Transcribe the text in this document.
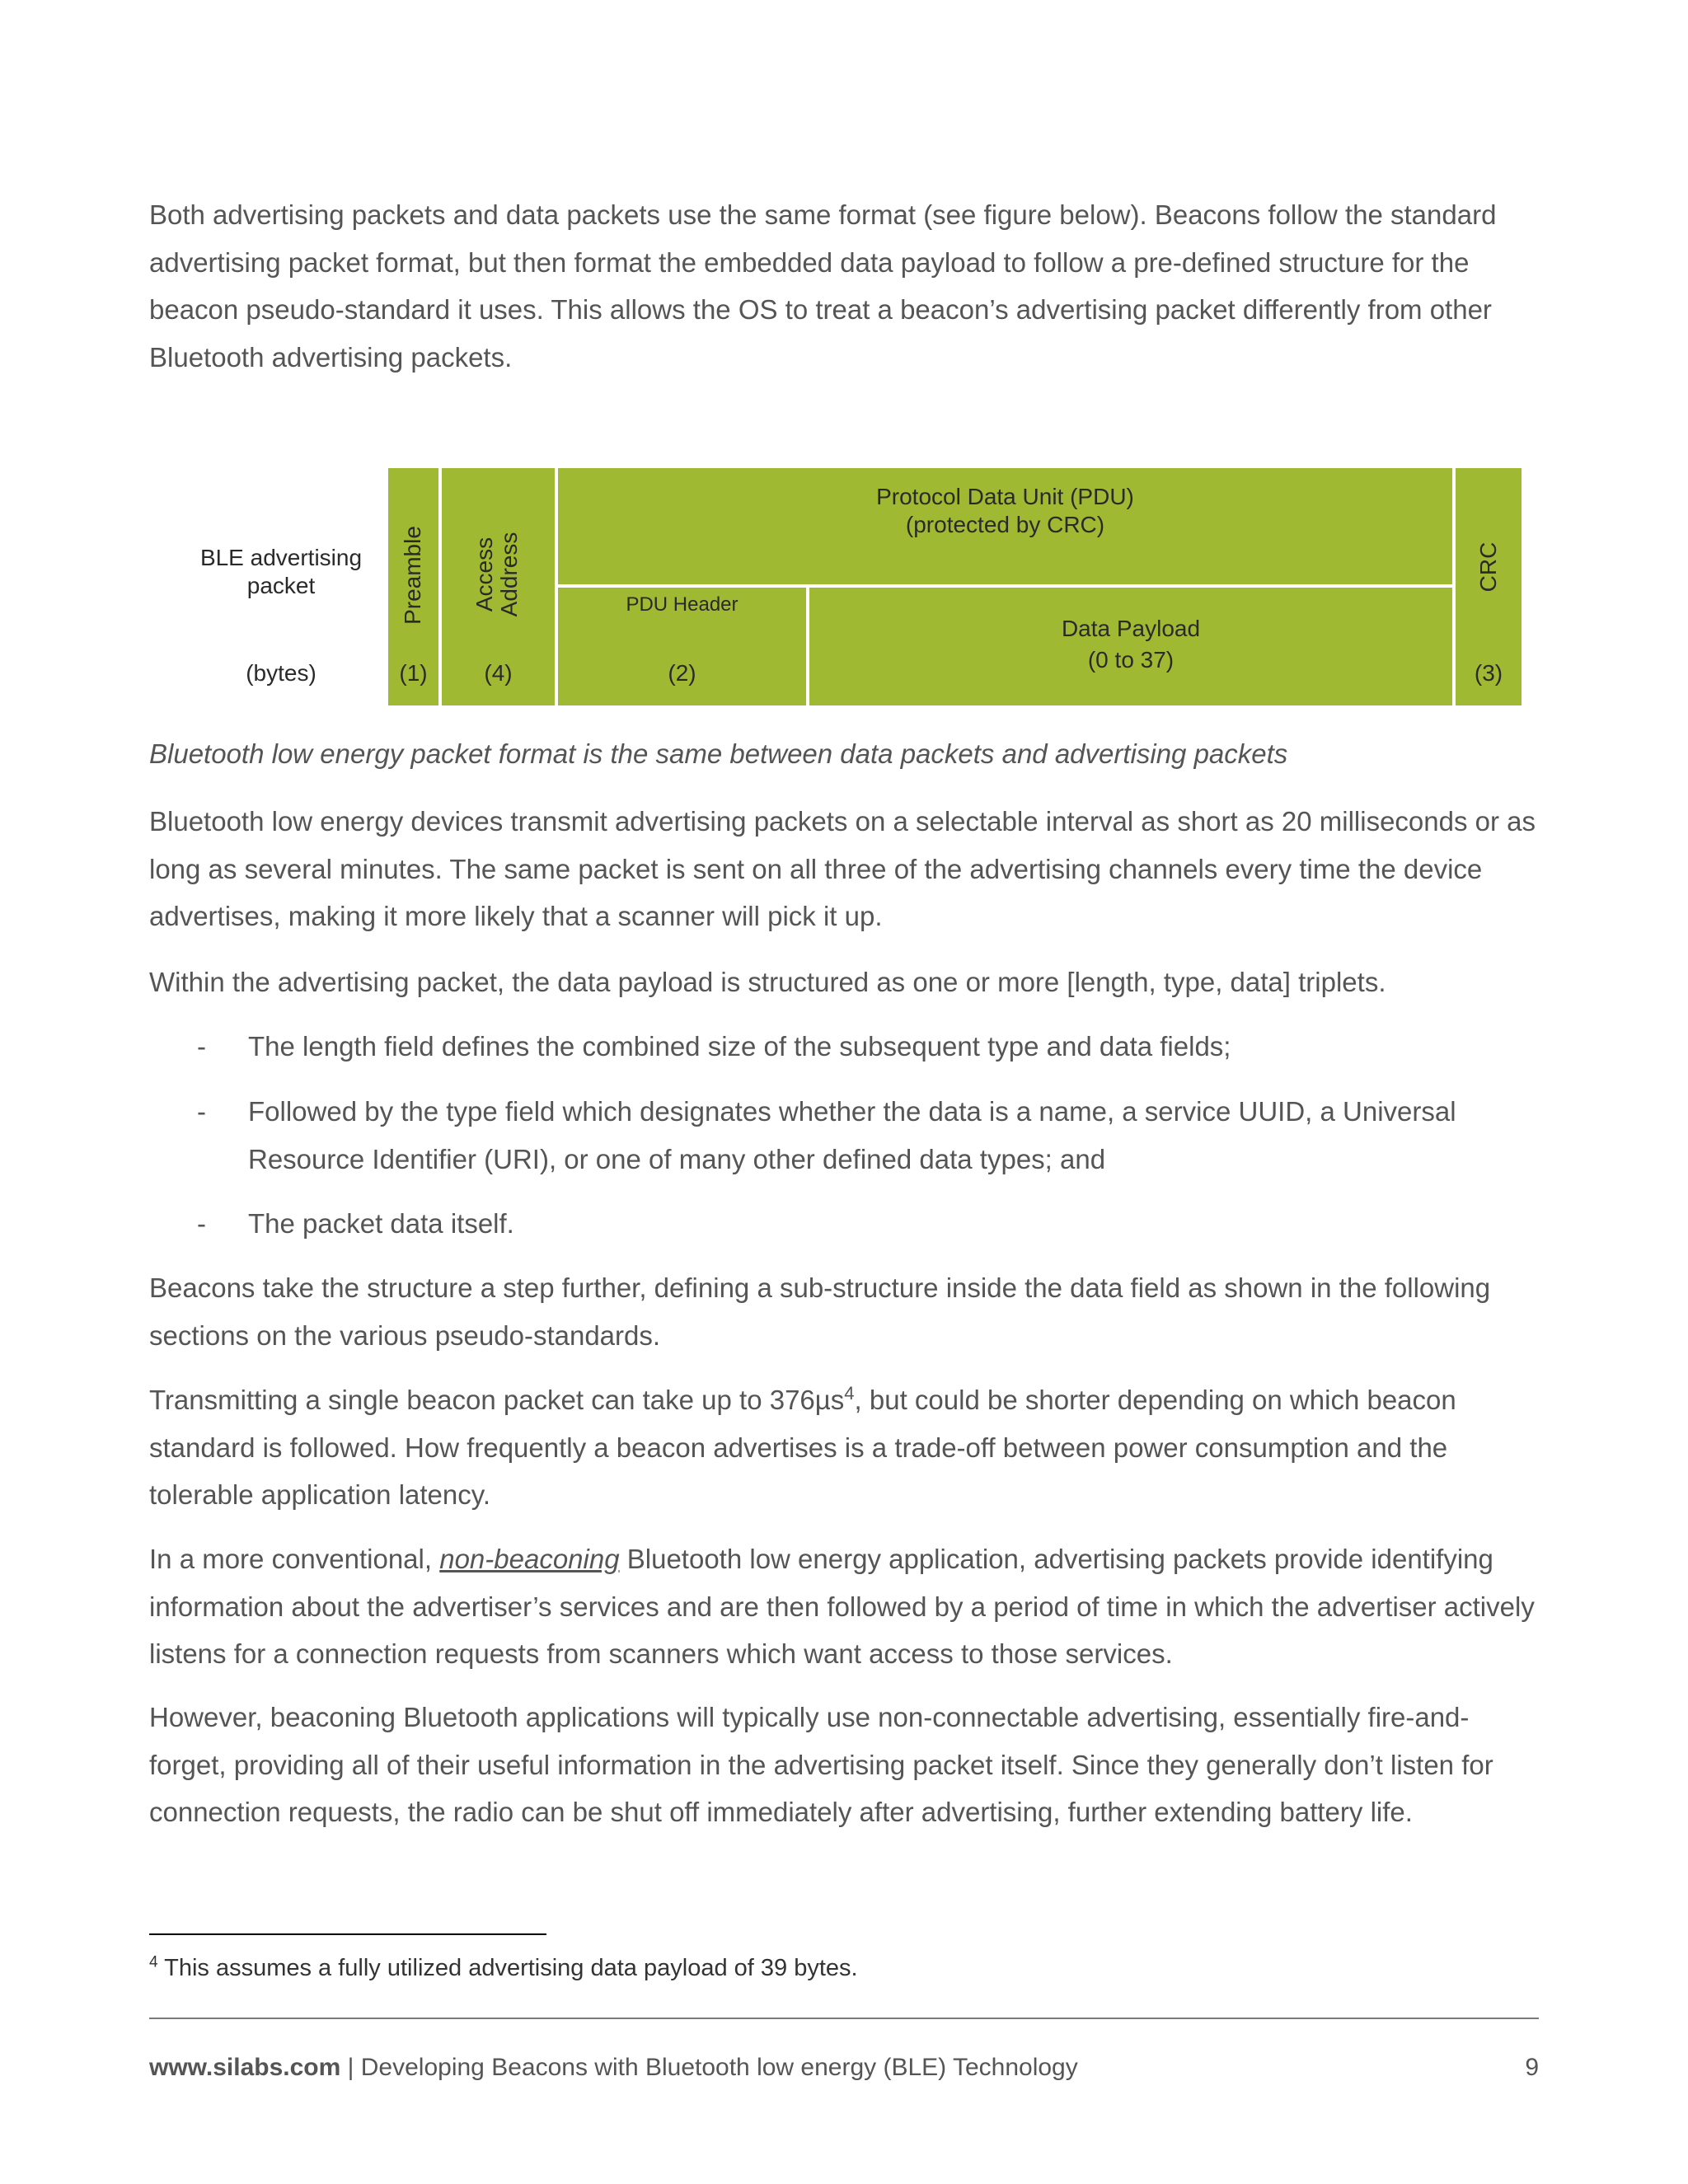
Both advertising packets and data packets use the same format (see figure below). Beacons follow the standard advertising packet format, but then format the embedded data payload to follow a pre-defined structure for the beacon pseudo-standard it uses. This allows the OS to treat a beacon’s advertising packet differently from other Bluetooth advertising packets.

BLE advertising
packet
(bytes)
Preamble
(1)
Access Address
(4)
Protocol Data Unit (PDU)
(protected by CRC)
PDU Header
(2)
Data Payload
(0 to 37)
CRC
(3)
Bluetooth low energy packet format is the same between data packets and advertising packets

Bluetooth low energy devices transmit advertising packets on a selectable interval as short as 20 milliseconds or as long as several minutes. The same packet is sent on all three of the advertising channels every time the device advertises, making it more likely that a scanner will pick it up.

Within the advertising packet, the data payload is structured as one or more [length, type, data] triplets.

- The length field defines the combined size of the subsequent type and data fields;
- Followed by the type field which designates whether the data is a name, a service UUID, a Universal Resource Identifier (URI), or one of many other defined data types; and
- The packet data itself.

Beacons take the structure a step further, defining a sub-structure inside the data field as shown in the following sections on the various pseudo-standards.

Transmitting a single beacon packet can take up to 376µs$^4$, but could be shorter depending on which beacon standard is followed. How frequently a beacon advertises is a trade-off between power consumption and the tolerable application latency.

In a more conventional, non-beaconing Bluetooth low energy application, advertising packets provide identifying information about the advertiser’s services and are then followed by a period of time in which the advertiser actively listens for a connection requests from scanners which want access to those services.

However, beaconing Bluetooth applications will typically use non-connectable advertising, essentially fire-and-forget, providing all of their useful information in the advertising packet itself. Since they generally don’t listen for connection requests, the radio can be shut off immediately after advertising, further extending battery life.

$^4$ This assumes a fully utilized advertising data payload of 39 bytes.
www.silabs.com | Developing Beacons with Bluetooth low energy (BLE) Technology	9
